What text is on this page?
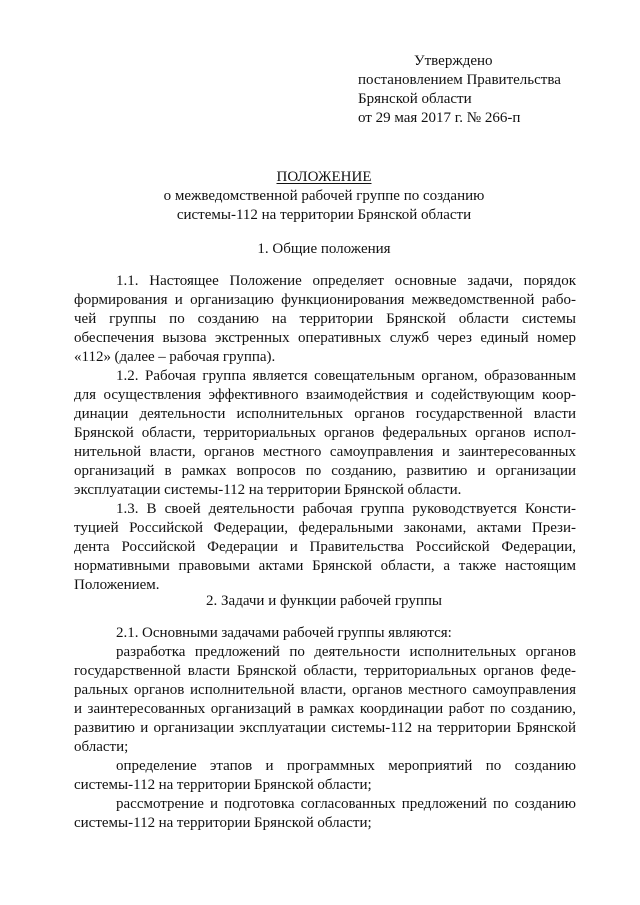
Утверждено
постановлением Правительства
Брянской области
от 29 мая 2017 г. № 266-п
ПОЛОЖЕНИЕ
о межведомственной рабочей группе по созданию
системы-112 на территории Брянской области
1. Общие положения
1.1. Настоящее Положение определяет основные задачи, порядок
формирования и организацию функционирования межведомственной рабо-
чей группы по созданию на территории Брянской области системы
обеспечения вызова экстренных оперативных служб через единый номер
«112» (далее – рабочая группа).
1.2. Рабочая группа является совещательным органом, образованным
для осуществления эффективного взаимодействия и содействующим коор-
динации деятельности исполнительных органов государственной власти
Брянской области, территориальных органов федеральных органов испол-
нительной власти, органов местного самоуправления и заинтересованных
организаций в рамках вопросов по созданию, развитию и организации
эксплуатации системы-112 на территории Брянской области.
1.3. В своей деятельности рабочая группа руководствуется Консти-
туцией Российской Федерации, федеральными законами, актами Прези-
дента Российской Федерации и Правительства Российской Федерации,
нормативными правовыми актами Брянской области, а также настоящим
Положением.
2. Задачи и функции рабочей группы
2.1. Основными задачами рабочей группы являются:
разработка предложений по деятельности исполнительных органов
государственной власти Брянской области, территориальных органов феде-
ральных органов исполнительной власти, органов местного самоуправления
и заинтересованных организаций в рамках координации работ по созданию,
развитию и организации эксплуатации системы-112 на территории Брянской
области;
определение этапов и программных мероприятий по созданию
системы-112 на территории Брянской области;
рассмотрение и подготовка согласованных предложений по созданию
системы-112 на территории Брянской области;
